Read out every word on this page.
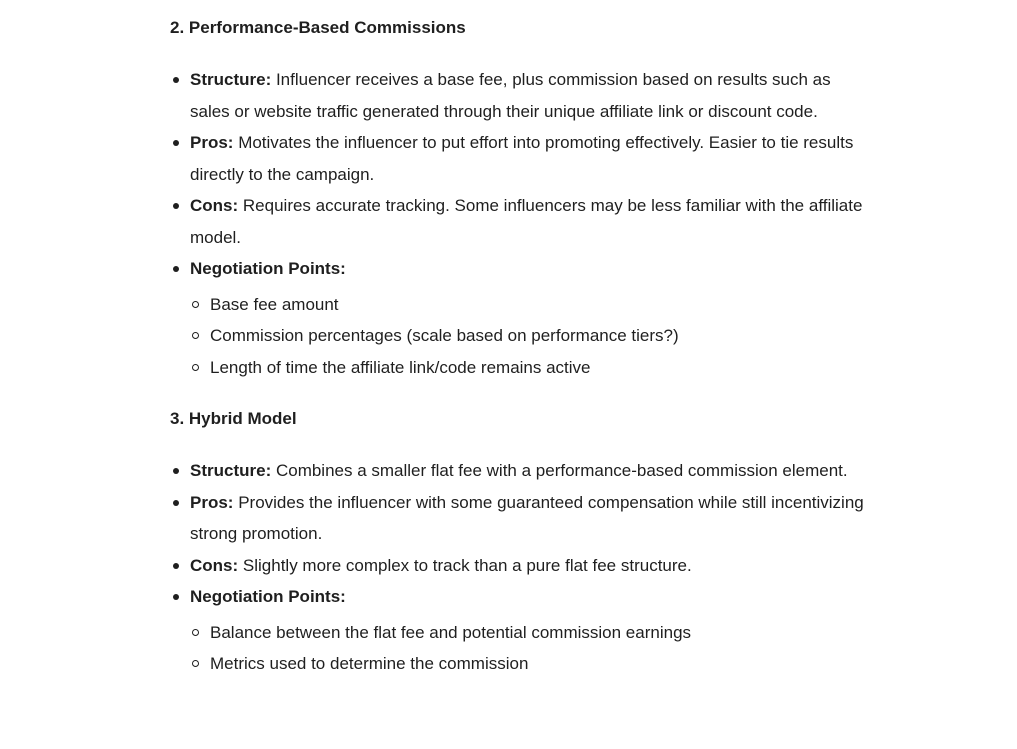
2. Performance-Based Commissions
Structure: Influencer receives a base fee, plus commission based on results such as sales or website traffic generated through their unique affiliate link or discount code.
Pros: Motivates the influencer to put effort into promoting effectively. Easier to tie results directly to the campaign.
Cons: Requires accurate tracking. Some influencers may be less familiar with the affiliate model.
Negotiation Points:
Base fee amount
Commission percentages (scale based on performance tiers?)
Length of time the affiliate link/code remains active
3. Hybrid Model
Structure: Combines a smaller flat fee with a performance-based commission element.
Pros: Provides the influencer with some guaranteed compensation while still incentivizing strong promotion.
Cons: Slightly more complex to track than a pure flat fee structure.
Negotiation Points:
Balance between the flat fee and potential commission earnings
Metrics used to determine the commission
